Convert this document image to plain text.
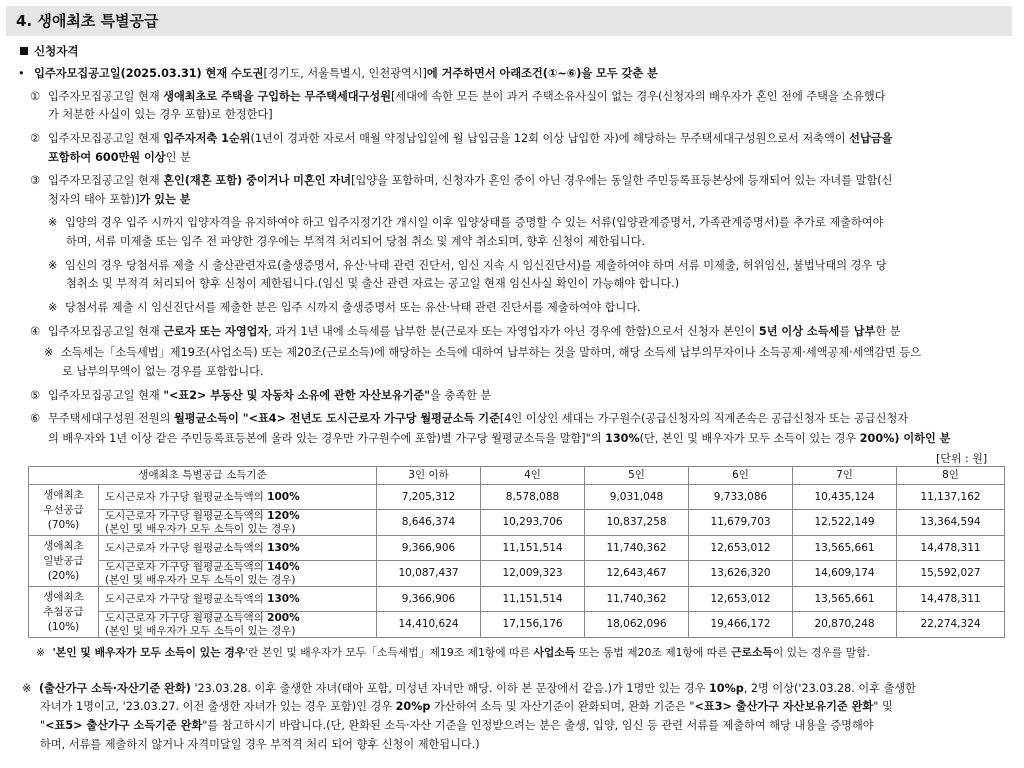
4. 생애최초 특별공급
신청자격
• 입주자모집공고일(2025.03.31) 현재 수도권[경기도, 서울특별시, 인천광역시]에 거주하면서 아래조건(①~⑥)을 모두 갖춘 분
① 입주자모집공고일 현재 생애최초로 주택을 구입하는 무주택세대구성원[세대에 속한 모든 분이 과거 주택소유사실이 없는 경우(신청자의 배우자가 혼인 전에 주택을 소유했다
가 처분한 사실이 있는 경우 포함)로 한정한다]
② 입주자모집공고일 현재 입주자저축 1순위(1년이 경과한 자로서 매월 약정납입일에 월 납입금을 12회 이상 납입한 자)에 해당하는 무주택세대구성원으로서 저축액이 선납금을
포함하여 600만원 이상인 분
③ 입주자모집공고일 현재 혼인(재혼 포함) 중이거나 미혼인 자녀[입양을 포함하며, 신청자가 혼인 중이 아닌 경우에는 동일한 주민등록표등본상에 등재되어 있는 자녀를 말함(신
청자의 태아 포함)]가 있는 분
※ 입양의 경우 입주 시까지 입양자격을 유지하여야 하고 입주지정기간 개시일 이후 입양상태를 증명할 수 있는 서류(입양관계증명서, 가족관계증명서)를 추가로 제출하여야
하며, 서류 미제출 또는 입주 전 파양한 경우에는 부적격 처리되어 당첨 취소 및 계약 취소되며, 향후 신청이 제한됩니다.
※ 임신의 경우 당첨서류 제출 시 출산관련자료(출생증명서, 유산·낙태 관련 진단서, 임신 지속 시 임신진단서)를 제출하여야 하며 서류 미제출, 허위임신, 불법낙태의 경우 당
첨취소 및 부적격 처리되어 향후 신청이 제한됩니다.(임신 및 출산 관련 자료는 공고일 현재 임신사실 확인이 가능해야 합니다.)
※ 당첨서류 제출 시 임신진단서를 제출한 분은 입주 시까지 출생증명서 또는 유산·낙태 관련 진단서를 제출하여야 합니다.
④ 입주자모집공고일 현재 근로자 또는 자영업자, 과거 1년 내에 소득세를 납부한 분(근로자 또는 자영업자가 아닌 경우에 한함)으로서 신청자 본인이 5년 이상 소득세를 납부한 분
※ 소득세는「소득세법」제19조(사업소득) 또는 제20조(근로소득)에 해당하는 소득에 대하여 납부하는 것을 말하며, 해당 소득세 납부의무자이나 소득공제·세액공제·세액감면 등으
로 납부의무액이 없는 경우를 포함합니다.
⑤ 입주자모집공고일 현재 "<표2> 부동산 및 자동차 소유에 관한 자산보유기준"을 충족한 분
⑥ 무주택세대구성원 전원의 월평균소득이 "<표4> 전년도 도시근로자 가구당 월평균소득 기준[4인 이상인 세대는 가구원수(공급신청자의 직계존속은 공급신청자 또는 공급신청자
의 배우자와 1년 이상 같은 주민등록표등본에 올라 있는 경우만 가구원수에 포함)별 가구당 월평균소득을 말함]"의 130%(단, 본인 및 배우자가 모두 소득이 있는 경우 200%) 이하인 분
[단위 : 원]
생애최초 특별공급 소득기준		3인 이하	4인	5인	6인	7인	8인
생애최초
우선공급
(70%)	도시근로자 가구당 월평균소득액의 100%	7,205,312	8,578,088	9,031,048	9,733,086	10,435,124	11,137,162
	도시근로자 가구당 월평균소득액의 120%
(본인 및 배우자가 모두 소득이 있는 경우)	8,646,374	10,293,706	10,837,258	11,679,703	12,522,149	13,364,594
생애최초
일반공급
(20%)	도시근로자 가구당 월평균소득액의 130%	9,366,906	11,151,514	11,740,362	12,653,012	13,565,661	14,478,311
	도시근로자 가구당 월평균소득액의 140%
(본인 및 배우자가 모두 소득이 있는 경우)	10,087,437	12,009,323	12,643,467	13,626,320	14,609,174	15,592,027
생애최초
추첨공급
(10%)	도시근로자 가구당 월평균소득액의 130%	9,366,906	11,151,514	11,740,362	12,653,012	13,565,661	14,478,311
	도시근로자 가구당 월평균소득액의 200%
(본인 및 배우자가 모두 소득이 있는 경우)	14,410,624	17,156,176	18,062,096	19,466,172	20,870,248	22,274,324
※ '본인 및 배우자가 모두 소득이 있는 경우'란 본인 및 배우자가 모두「소득세법」제19조 제1항에 따른 사업소득 또는 동법 제20조 제1항에 따른 근로소득이 있는 경우를 말함.
※ (출산가구 소득·자산기준 완화) '23.03.28. 이후 출생한 자녀(태아 포함, 미성년 자녀만 해당. 이하 본 문장에서 같음.)가 1명만 있는 경우 10%p, 2명 이상('23.03.28. 이후 출생한
자녀가 1명이고, '23.03.27. 이전 출생한 자녀가 있는 경우 포함)인 경우 20%p 가산하여 소득 및 자산기준이 완화되며, 완화 기준은 "<표3> 출산가구 자산보유기준 완화" 및
"<표5> 출산가구 소득기준 완화"를 참고하시기 바랍니다.(단, 완화된 소득·자산 기준을 인정받으려는 분은 출생, 입양, 임신 등 관련 서류를 제출하여 해당 내용을 증명해야
하며, 서류를 제출하지 않거나 자격미달일 경우 부적격 처리 되어 향후 신청이 제한됩니다.)
